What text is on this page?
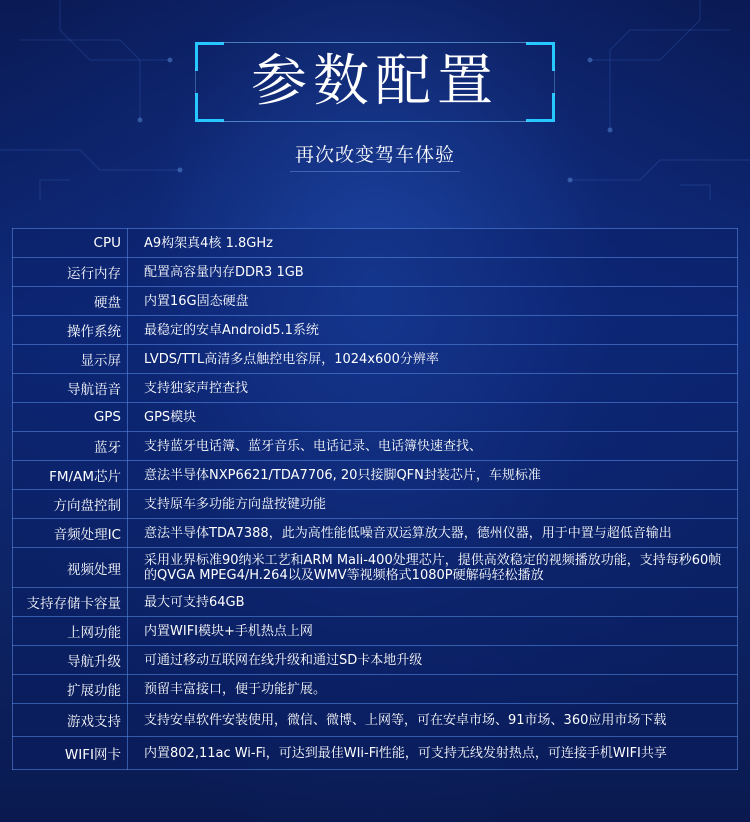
参数配置
再次改变驾车体验
CPU	A9构架真4核 1.8GHz
运行内存	配置高容量内存DDR3 1GB
硬盘	内置16G固态硬盘
操作系统	最稳定的安卓Android5.1系统
显示屏	LVDS/TTL高清多点触控电容屏，1024x600分辨率
导航语音	支持独家声控查找
GPS	GPS模块
蓝牙	支持蓝牙电话簿、蓝牙音乐、电话记录、电话簿快速查找、
FM/AM芯片	意法半导体NXP6621/TDA7706, 20只接脚QFN封装芯片，车规标准
方向盘控制	支持原车多功能方向盘按键功能
音频处理IC	意法半导体TDA7388，此为高性能低噪音双运算放大器，德州仪器，用于中置与超低音输出
视频处理	采用业界标准90纳米工艺和ARM Mali-400处理芯片，提供高效稳定的视频播放功能，支持每秒60帧的QVGA MPEG4/H.264以及WMV等视频格式1080P硬解码轻松播放
支持存储卡容量	最大可支持64GB
上网功能	内置WIFI模块+手机热点上网
导航升级	可通过移动互联网在线升级和通过SD卡本地升级
扩展功能	预留丰富接口，便于功能扩展。
游戏支持	支持安卓软件安装使用，微信、微博、上网等，可在安卓市场、91市场、360应用市场下载
WIFI网卡	内置802,11ac Wi-Fi，可达到最佳WIi-Fi性能，可支持无线发射热点，可连接手机WIFI共享
